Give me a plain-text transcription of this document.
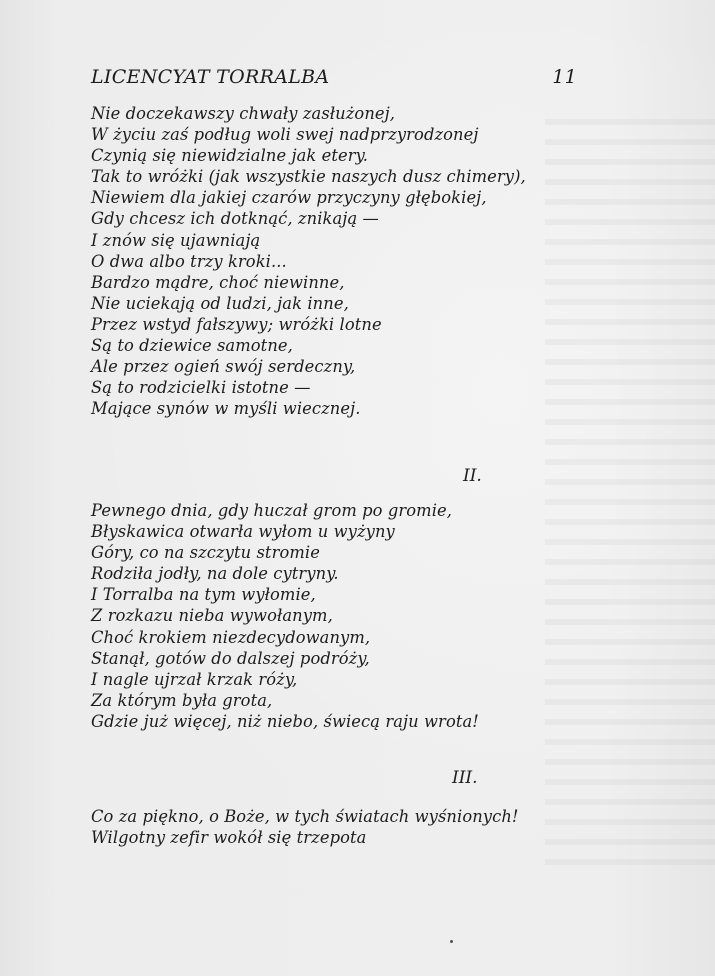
LICENCYAT TORRALBA	11
Nie doczekawszy chwały zasłużonej,
W życiu zaś podług woli swej nadprzyrodzonej
Czynią się niewidzialne jak etery.
Tak to wróżki (jak wszystkie naszych dusz chimery),
Niewiem dla jakiej czarów przyczyny głębokiej,
Gdy chcesz ich dotknąć, znikają —
I znów się ujawniają
O dwa albo trzy kroki...
Bardzo mądre, choć niewinne,
Nie uciekają od ludzi, jak inne,
Przez wstyd fałszywy; wróżki lotne
Są to dziewice samotne,
Ale przez ogień swój serdeczny,
Są to rodzicielki istotne —
Mające synów w myśli wiecznej.
II.
Pewnego dnia, gdy huczał grom po gromie,
Błyskawica otwarła wyłom u wyżyny
Góry, co na szczytu stromie
Rodziła jodły, na dole cytryny.
I Torralba na tym wyłomie,
Z rozkazu nieba wywołanym,
Choć krokiem niezdecydowanym,
Stanął, gotów do dalszej podróży,
I nagle ujrzał krzak róży,
Za którym była grota,
Gdzie już więcej, niż niebo, świecą raju wrota!
III.
Co za piękno, o Boże, w tych światach wyśnionych!
Wilgotny zefir wokół się trzepota
